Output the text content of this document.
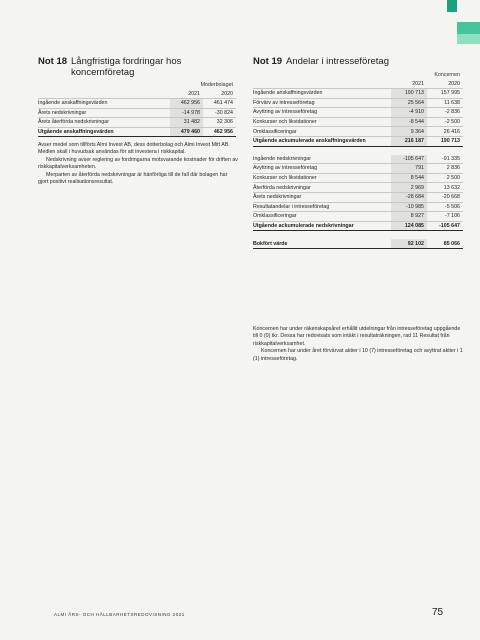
Not 18 Långfristiga fordringar hos koncernföretag
	Moderbolaget	
	2021	2020
Ingående anskaffningsvärden	462 956	461 474
Årets nedskrivningar	-14 978	-30 824
Årets återförda nedskrivningar	31 482	32 306
Utgående anskaffningsvärden	479 460	462 956

Avser medel som tillförts Almi Invest AB, dess dotterbolag och Almi Invest Mitt AB. Medlen skall i huvudsak användas för att investera i riskkapital.

Nedskrivning avser reglering av fordringarna motsvarande kostnader för driften av riskkapitalverksamheten.

Merparten av återförda nedskrivningar är hänförliga till de fall där bolagen har gjort positivt realisationsresultat.

Not 19 Andelar i intresseföretag
	Koncernen	
	2021	2020
Ingående anskaffningsvärden	190 713	157 995
Förvärv av intresseföretag	25 564	11 638
Avyttring av intresseföretag	-4 910	-2 836
Konkurser och likvidationer	-8 544	-2 500
Omklassificeringar	9 364	26 416
Utgående ackumulerade anskaffningsvärden	216 187	190 713

Ingående nedskrivningar	-105 647	-91 335
Avyttring av intresseföretag	791	2 836
Konkurser och likvidationer	8 544	2 500
Återförda nedskrivningar	2 969	13 632
Årets nedskrivningar	-28 684	-20 668
Resultatandelar i intresseföretag	-10 985	-5 506
Omklassificeringar	8 927	-7 106
Utgående ackumulerade nedskrivningar	124 085	-105 647

Bokfört värde	92 102	85 066

Koncernen har under räkenskapsåret erhållit utdelningar från intresseföretag uppgående till 0 (0) tkr. Dessa har redovisats som intäkt i resultaträkningen, rad 11 Resultat från riskkapitalverksamhet.

Koncernen har under året förvärvat aktier i 10 (7) intresseföretag och avyttrat aktier i 1 (1) intresseföretag.

ALMI ÅRS- OCH HÅLLBARHETSREDOVISNING 2021	75
